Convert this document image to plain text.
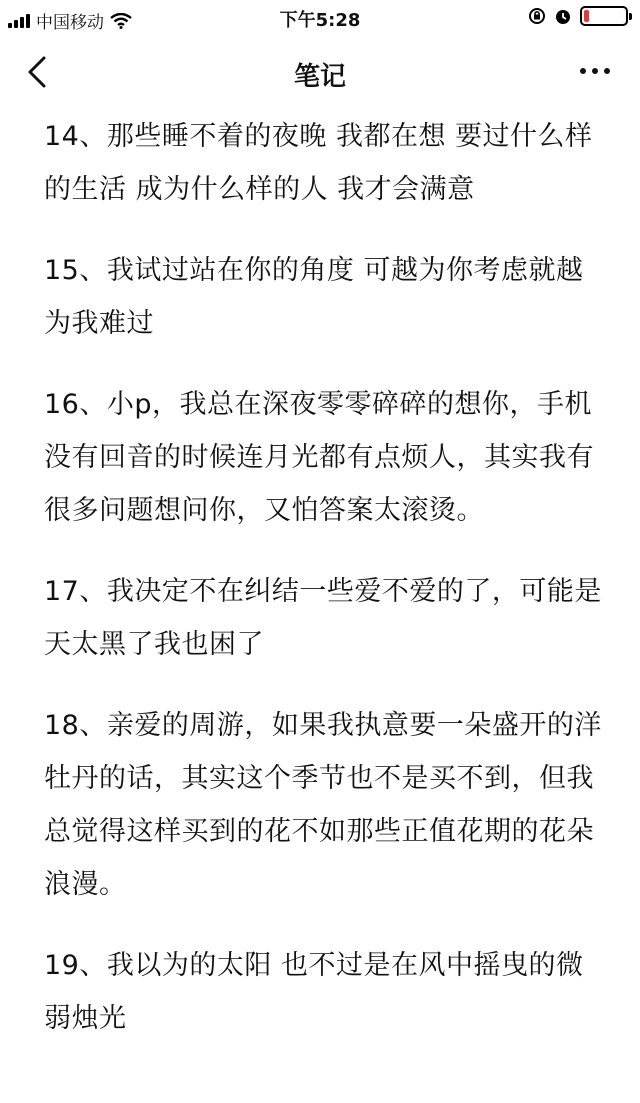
中国移动	下午5:28
笔记

14、那些睡不着的夜晚 我都在想 要过什么样的生活 成为什么样的人 我才会满意

15、我试过站在你的角度 可越为你考虑就越为我难过

16、小p，我总在深夜零零碎碎的想你，手机没有回音的时候连月光都有点烦人，其实我有很多问题想问你，又怕答案太滚烫。

17、我决定不在纠结一些爱不爱的了，可能是天太黑了我也困了

18、亲爱的周游，如果我执意要一朵盛开的洋牡丹的话，其实这个季节也不是买不到，但我总觉得这样买到的花不如那些正值花期的花朵浪漫。

19、我以为的太阳 也不过是在风中摇曳的微弱烛光
